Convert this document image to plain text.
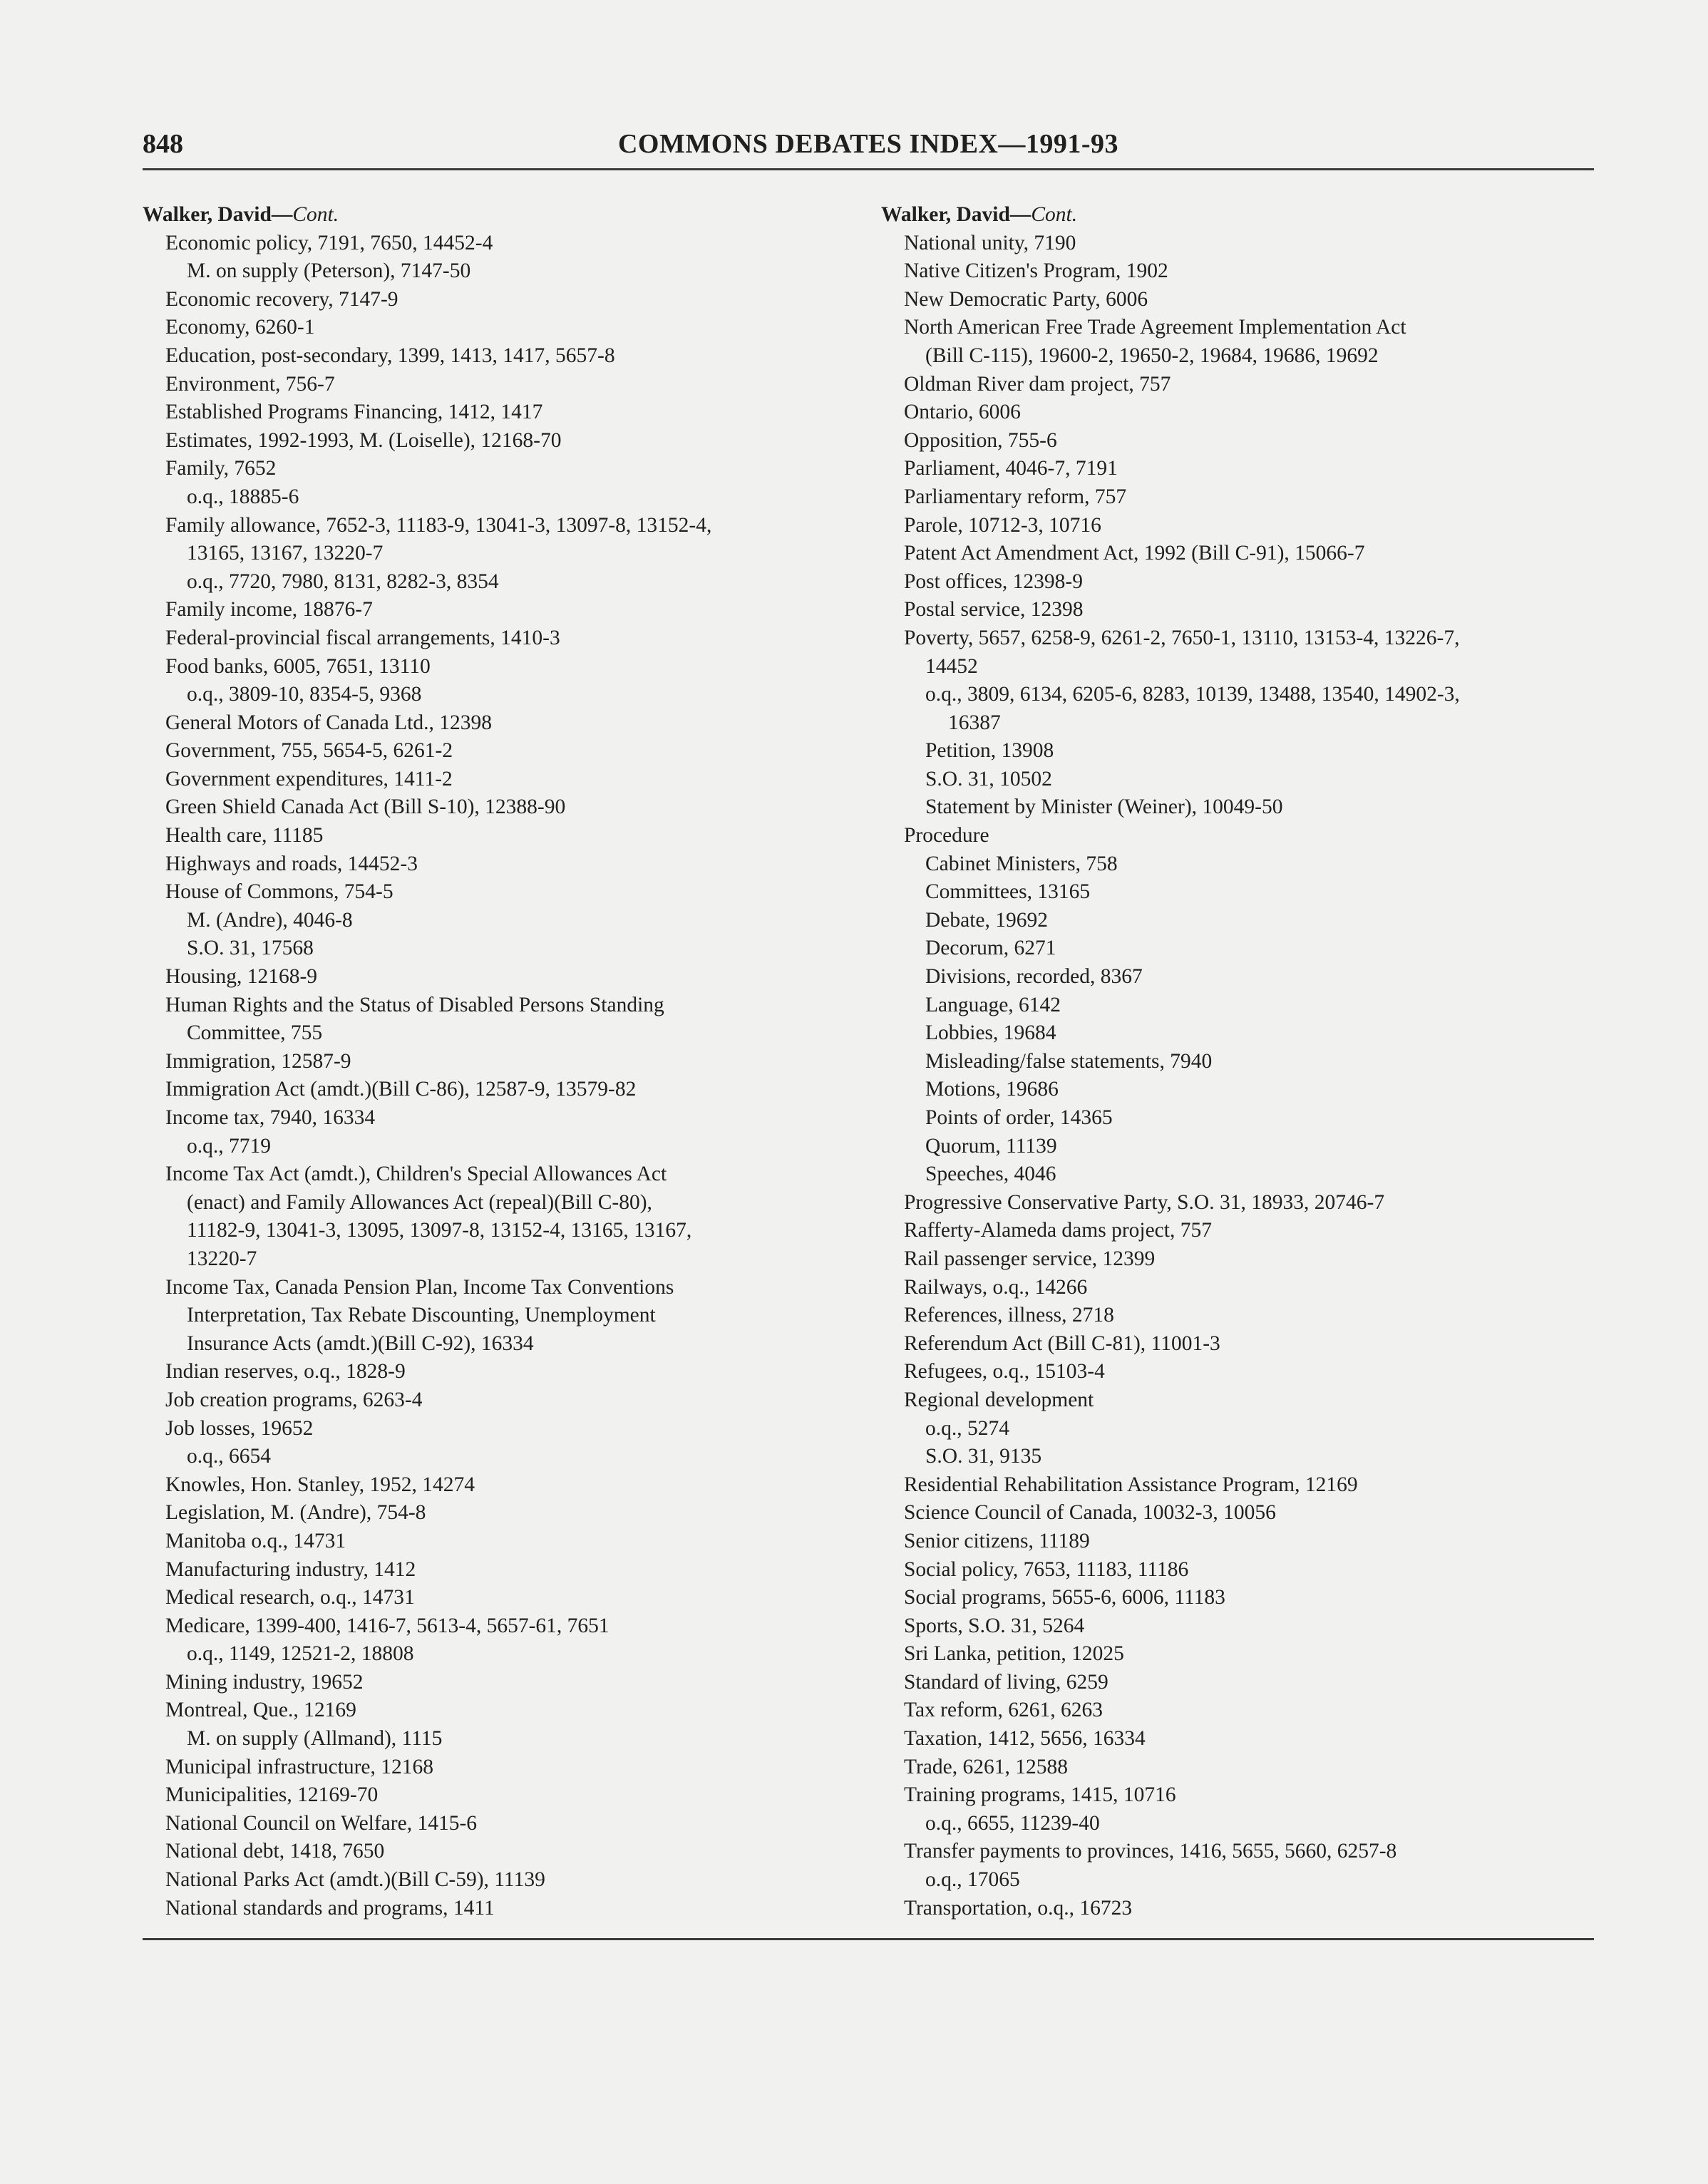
848	COMMONS DEBATES INDEX—1991-93
Walker, David—Cont.
Economic policy, 7191, 7650, 14452-4
M. on supply (Peterson), 7147-50
Economic recovery, 7147-9
Economy, 6260-1
Education, post-secondary, 1399, 1413, 1417, 5657-8
Environment, 756-7
Established Programs Financing, 1412, 1417
Estimates, 1992-1993, M. (Loiselle), 12168-70
Family, 7652
o.q., 18885-6
Family allowance, 7652-3, 11183-9, 13041-3, 13097-8, 13152-4,
13165, 13167, 13220-7
o.q., 7720, 7980, 8131, 8282-3, 8354
Family income, 18876-7
Federal-provincial fiscal arrangements, 1410-3
Food banks, 6005, 7651, 13110
o.q., 3809-10, 8354-5, 9368
General Motors of Canada Ltd., 12398
Government, 755, 5654-5, 6261-2
Government expenditures, 1411-2
Green Shield Canada Act (Bill S-10), 12388-90
Health care, 11185
Highways and roads, 14452-3
House of Commons, 754-5
M. (Andre), 4046-8
S.O. 31, 17568
Housing, 12168-9
Human Rights and the Status of Disabled Persons Standing
Committee, 755
Immigration, 12587-9
Immigration Act (amdt.)(Bill C-86), 12587-9, 13579-82
Income tax, 7940, 16334
o.q., 7719
Income Tax Act (amdt.), Children's Special Allowances Act
(enact) and Family Allowances Act (repeal)(Bill C-80),
11182-9, 13041-3, 13095, 13097-8, 13152-4, 13165, 13167,
13220-7
Income Tax, Canada Pension Plan, Income Tax Conventions
Interpretation, Tax Rebate Discounting, Unemployment
Insurance Acts (amdt.)(Bill C-92), 16334
Indian reserves, o.q., 1828-9
Job creation programs, 6263-4
Job losses, 19652
o.q., 6654
Knowles, Hon. Stanley, 1952, 14274
Legislation, M. (Andre), 754-8
Manitoba o.q., 14731
Manufacturing industry, 1412
Medical research, o.q., 14731
Medicare, 1399-400, 1416-7, 5613-4, 5657-61, 7651
o.q., 1149, 12521-2, 18808
Mining industry, 19652
Montreal, Que., 12169
M. on supply (Allmand), 1115
Municipal infrastructure, 12168
Municipalities, 12169-70
National Council on Welfare, 1415-6
National debt, 1418, 7650
National Parks Act (amdt.)(Bill C-59), 11139
National standards and programs, 1411
Walker, David—Cont.
National unity, 7190
Native Citizen's Program, 1902
New Democratic Party, 6006
North American Free Trade Agreement Implementation Act
(Bill C-115), 19600-2, 19650-2, 19684, 19686, 19692
Oldman River dam project, 757
Ontario, 6006
Opposition, 755-6
Parliament, 4046-7, 7191
Parliamentary reform, 757
Parole, 10712-3, 10716
Patent Act Amendment Act, 1992 (Bill C-91), 15066-7
Post offices, 12398-9
Postal service, 12398
Poverty, 5657, 6258-9, 6261-2, 7650-1, 13110, 13153-4, 13226-7,
14452
o.q., 3809, 6134, 6205-6, 8283, 10139, 13488, 13540, 14902-3,
16387
Petition, 13908
S.O. 31, 10502
Statement by Minister (Weiner), 10049-50
Procedure
Cabinet Ministers, 758
Committees, 13165
Debate, 19692
Decorum, 6271
Divisions, recorded, 8367
Language, 6142
Lobbies, 19684
Misleading/false statements, 7940
Motions, 19686
Points of order, 14365
Quorum, 11139
Speeches, 4046
Progressive Conservative Party, S.O. 31, 18933, 20746-7
Rafferty-Alameda dams project, 757
Rail passenger service, 12399
Railways, o.q., 14266
References, illness, 2718
Referendum Act (Bill C-81), 11001-3
Refugees, o.q., 15103-4
Regional development
o.q., 5274
S.O. 31, 9135
Residential Rehabilitation Assistance Program, 12169
Science Council of Canada, 10032-3, 10056
Senior citizens, 11189
Social policy, 7653, 11183, 11186
Social programs, 5655-6, 6006, 11183
Sports, S.O. 31, 5264
Sri Lanka, petition, 12025
Standard of living, 6259
Tax reform, 6261, 6263
Taxation, 1412, 5656, 16334
Trade, 6261, 12588
Training programs, 1415, 10716
o.q., 6655, 11239-40
Transfer payments to provinces, 1416, 5655, 5660, 6257-8
o.q., 17065
Transportation, o.q., 16723
